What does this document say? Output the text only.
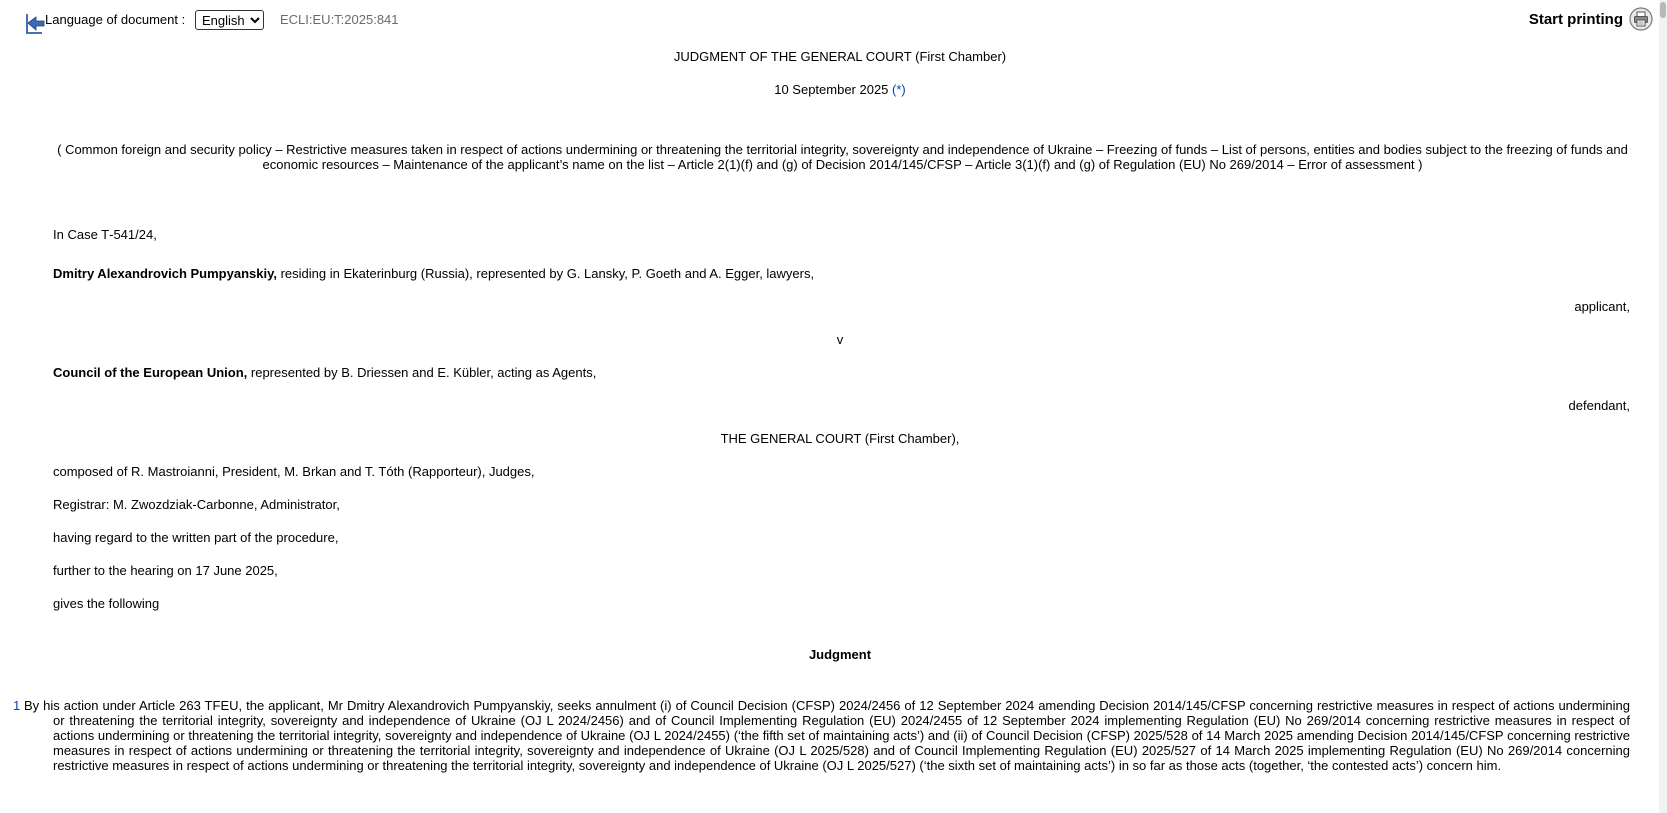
Language of document :
English	ECLI:EU:T:2025:841	Start printing
JUDGMENT OF THE GENERAL COURT (First Chamber)
10 September 2025 (*)
( Common foreign and security policy – Restrictive measures taken in respect of actions undermining or threatening the territorial integrity, sovereignty and independence of Ukraine – Freezing of funds – List of persons, entities and bodies subject to the freezing of funds and economic resources – Maintenance of the applicant’s name on the list – Article 2(1)(f) and (g) of Decision 2014/145/CFSP – Article 3(1)(f) and (g) of Regulation (EU) No 269/2014 – Error of assessment )
In Case T‑541/24,
Dmitry Alexandrovich Pumpyanskiy, residing in Ekaterinburg (Russia), represented by G. Lansky, P. Goeth and A. Egger, lawyers,
applicant,
v
Council of the European Union, represented by B. Driessen and E. Kübler, acting as Agents,
defendant,
THE GENERAL COURT (First Chamber),
composed of R. Mastroianni, President, M. Brkan and T. Tóth (Rapporteur), Judges,
Registrar: M. Zwozdziak-Carbonne, Administrator,
having regard to the written part of the procedure,
further to the hearing on 17 June 2025,
gives the following
Judgment
1 By his action under Article 263 TFEU, the applicant, Mr Dmitry Alexandrovich Pumpyanskiy, seeks annulment (i) of Council Decision (CFSP) 2024/2456 of 12 September 2024 amending Decision 2014/145/CFSP concerning restrictive measures in respect of actions undermining or threatening the territorial integrity, sovereignty and independence of Ukraine (OJ L 2024/2456) and of Council Implementing Regulation (EU) 2024/2455 of 12 September 2024 implementing Regulation (EU) No 269/2014 concerning restrictive measures in respect of actions undermining or threatening the territorial integrity, sovereignty and independence of Ukraine (OJ L 2024/2455) (‘the fifth set of maintaining acts’) and (ii) of Council Decision (CFSP) 2025/528 of 14 March 2025 amending Decision 2014/145/CFSP concerning restrictive measures in respect of actions undermining or threatening the territorial integrity, sovereignty and independence of Ukraine (OJ L 2025/528) and of Council Implementing Regulation (EU) 2025/527 of 14 March 2025 implementing Regulation (EU) No 269/2014 concerning restrictive measures in respect of actions undermining or threatening the territorial integrity, sovereignty and independence of Ukraine (OJ L 2025/527) (‘the sixth set of maintaining acts’) in so far as those acts (together, ‘the contested acts’) concern him.
